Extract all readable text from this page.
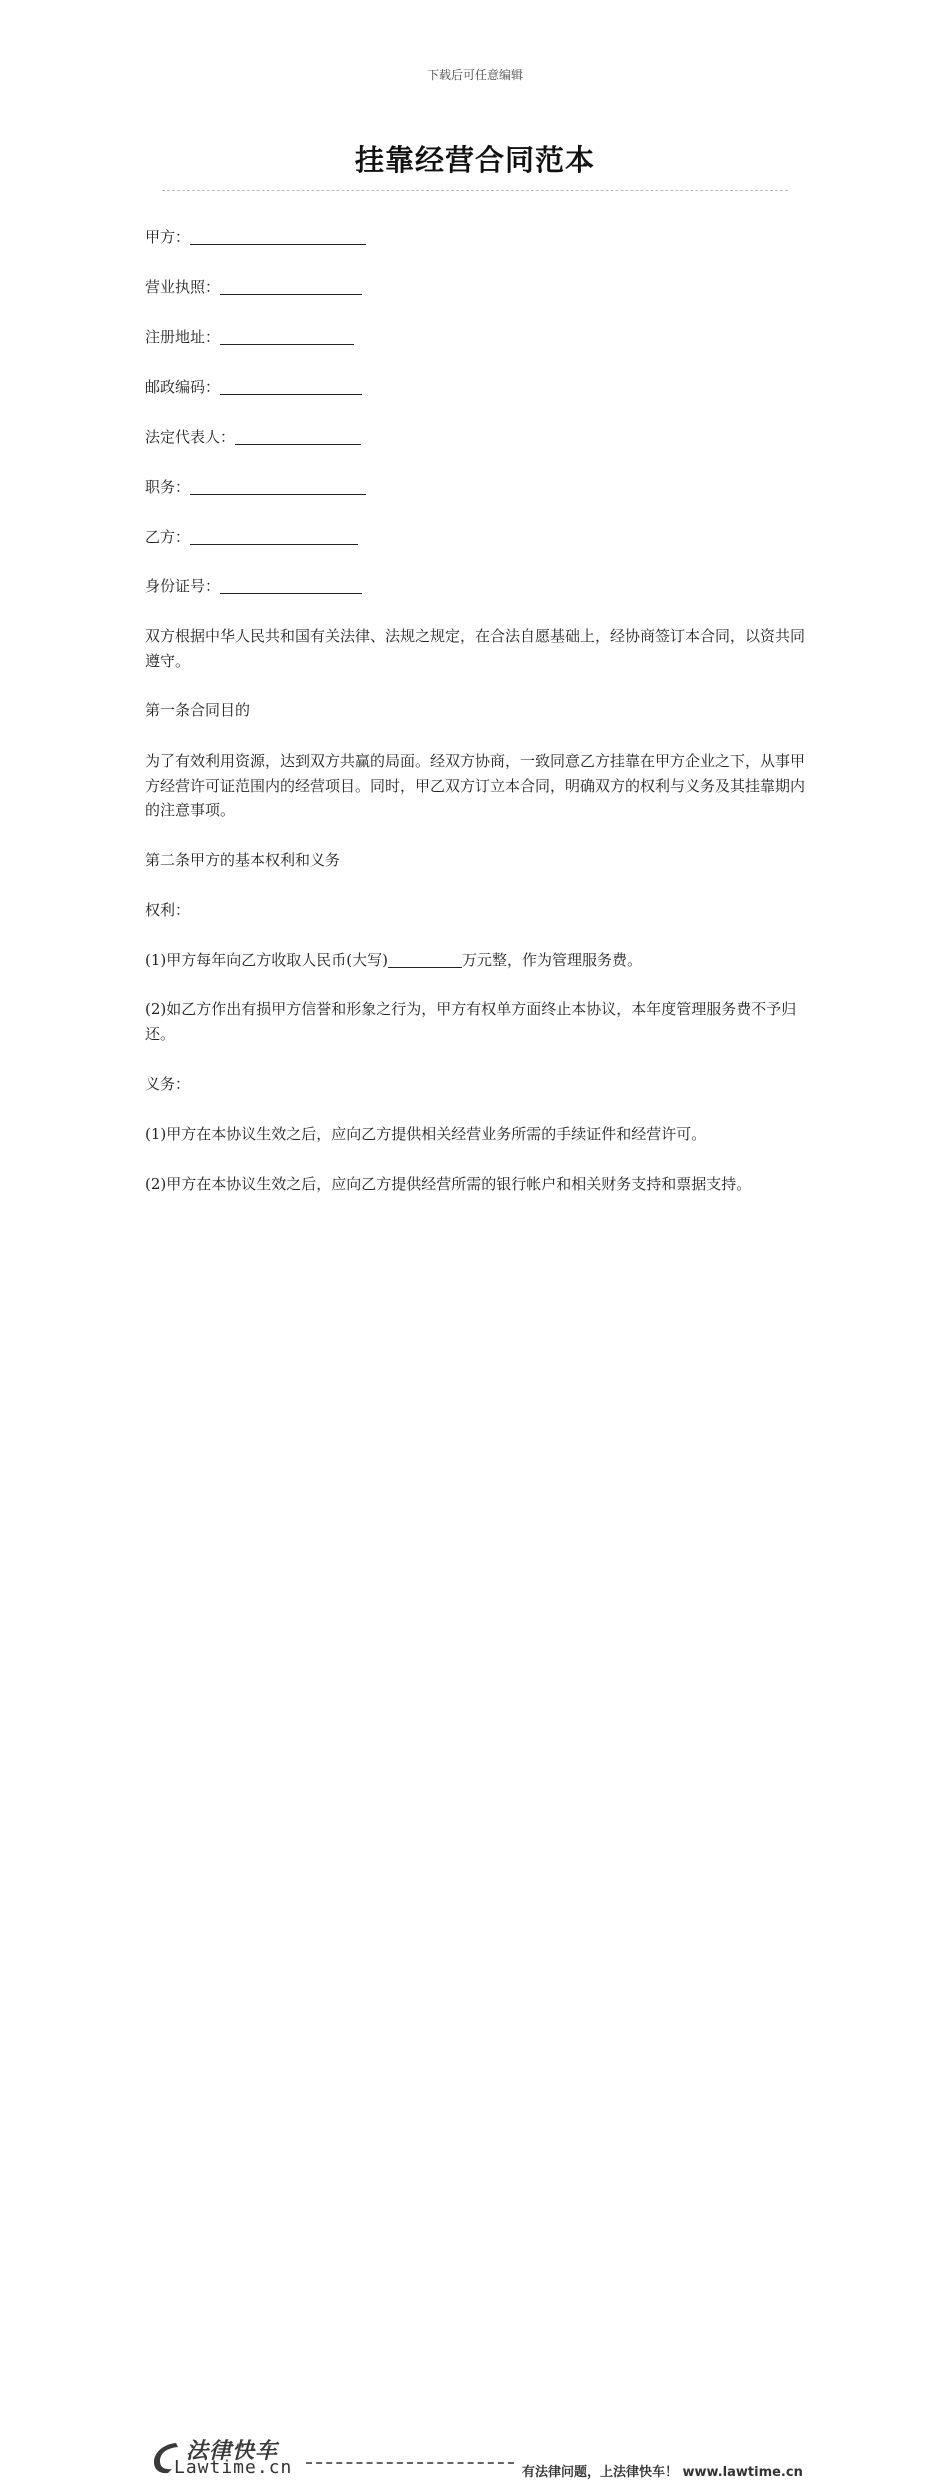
下载后可任意编辑
挂靠经营合同范本
甲方：
营业执照：
注册地址：
邮政编码：
法定代表人：
职务：
乙方：
身份证号：
双方根据中华人民共和国有关法律、法规之规定，在合法自愿基础上，经协商签订本合同，以资共同遵守。
第一条合同目的
为了有效利用资源，达到双方共赢的局面。经双方协商，一致同意乙方挂靠在甲方企业之下，从事甲方经营许可证范围内的经营项目。同时，甲乙双方订立本合同，明确双方的权利与义务及其挂靠期内的注意事项。
第二条甲方的基本权利和义务
权利：
(1)甲方每年向乙方收取人民币(大写)	万元整，作为管理服务费。
(2)如乙方作出有损甲方信誉和形象之行为，甲方有权单方面终止本协议，本年度管理服务费不予归还。
义务：
(1)甲方在本协议生效之后，应向乙方提供相关经营业务所需的手续证件和经营许可。
(2)甲方在本协议生效之后，应向乙方提供经营所需的银行帐户和相关财务支持和票据支持。
法律快车
Lawtime.cn	有法律问题，上法律快车！ www.lawtime.cn
